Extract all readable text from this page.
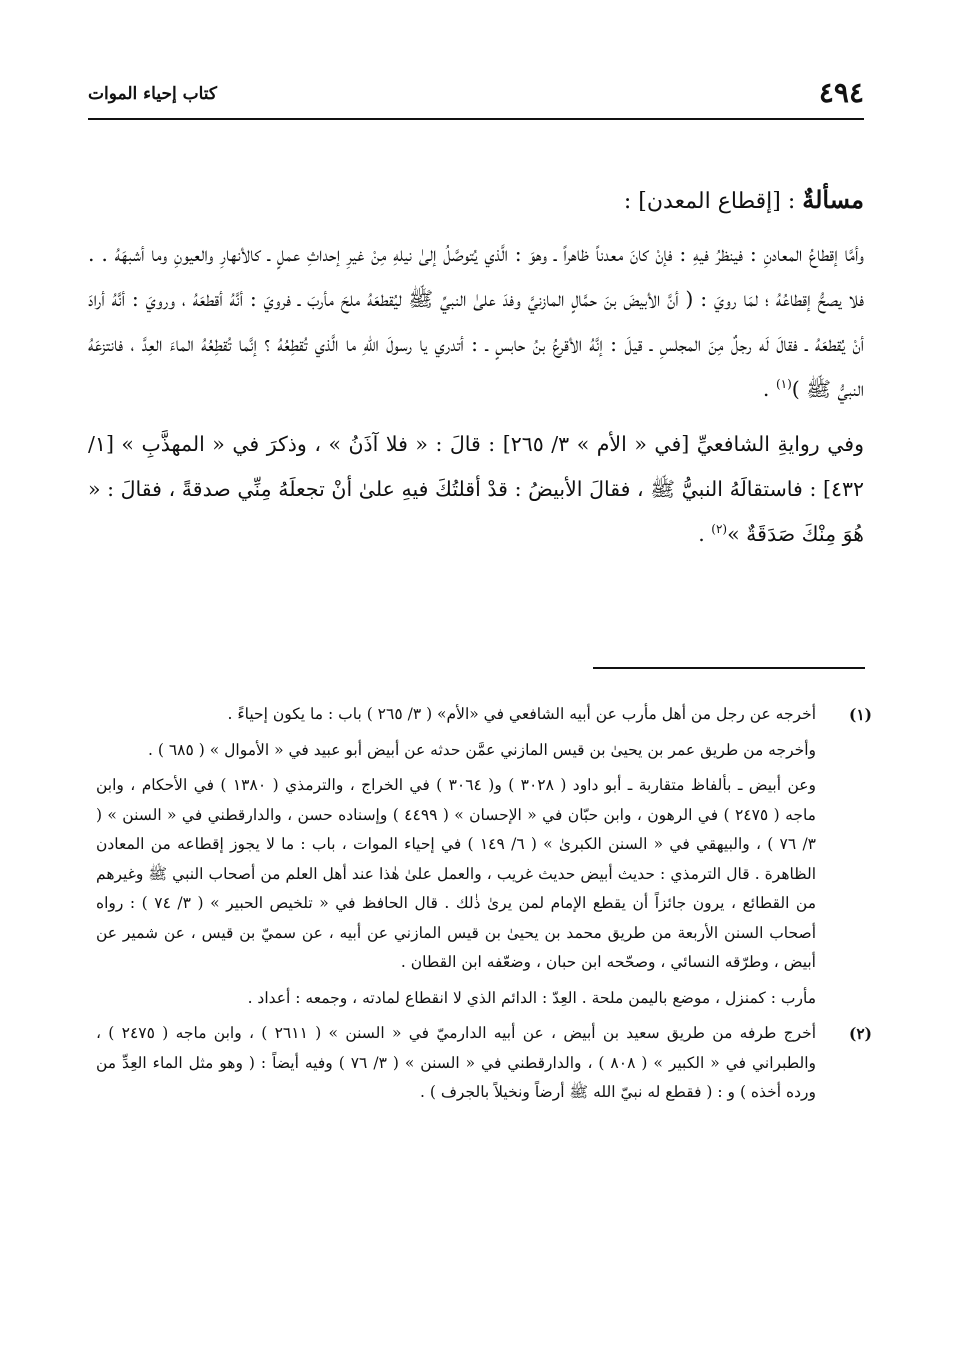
٤٩٤
كتاب إحياء الموات
مسألةٌ : [إقطاع المعدن] :

وأمَّا إقطاعُ المعادنِ : فينظرُ فيهِ : فإنْ كانَ معدناً ظاهراً ـ وهوَ : الَّذي يُتوصَّلُ إلىٰ نيلهِ مِنْ غيرِ إحداثِ عملٍ ـ كالأنهارِ والعيونِ وما أشبهَهُ . . فلا يصحُّ إقطاعُهُ ؛ لمَا رويَ : ( أنَّ الأبيضَ بنَ حمَّالٍ المازنيَّ وفدَ علىٰ النبيِّ ﷺ ليُقطعَهُ ملحَ مأربَ ـ فرويَ : أنَّهُ أقطعَهُ ، ورويَ : أنَّهُ أرادَ أنْ يُقطعَهُ ـ فقالَ لَه رجلٌ مِنَ المجلسِ ـ قيلَ : إنَّهُ الأقرعُ بنُ حابسٍ ـ : أتدري يا رسولَ اللهِ ما الَّذي تُقطِعُهُ ؟ إنَّما تُقطِعُهُ الماءَ العِدَّ ، فانتزعَهُ النبيُّ ﷺ )$^{(١)}$ .

وفي روايةِ الشافعيِّ [في « الأم » ٣/ ٢٦٥] : قالَ : « فلا آذَنُ » ، وذكرَ في « المهذَّبِ » [١/ ٤٣٢] : فاستقالَهُ النبيُّ ﷺ ، فقالَ الأبيضُ : قدْ أقلتُكَ فيهِ علىٰ أنْ تجعلَهُ مِنِّي صدقةً ، فقالَ : « هُوَ مِنْكَ صَدَقَةٌ »$^{(٢)}$ .

(١)

أخرجه عن رجل من أهل مأرب عن أبيه الشافعي في «الأم» ( ٣/ ٢٦٥ ) باب : ما يكون إحياءً .

وأخرجه من طريق عمر بن يحيىٰ بن قيس المازني عمَّن حدثه عن أبيض أبو عبيد في « الأموال » ( ٦٨٥ ) .

وعن أبيض ـ بألفاظ متقاربة ـ أبو داود ( ٣٠٢٨ ) و( ٣٠٦٤ ) في الخراج ، والترمذي ( ١٣٨٠ ) في الأحكام ، وابن ماجه ( ٢٤٧٥ ) في الرهون ، وابن حبّان في « الإحسان » ( ٤٤٩٩ ) وإسناده حسن ، والدارقطني في « السنن » ( ٣/ ٧٦ ) ، والبيهقي في « السنن الكبرىٰ » ( ٦/ ١٤٩ ) في إحياء الموات ، باب : ما لا يجوز إقطاعه من المعادن الظاهرة . قال الترمذي : حديث أبيض حديث غريب ، والعمل علىٰ هٰذا عند أهل العلم من أصحاب النبي ﷺ وغيرهم من القطائع ، يرون جائزاً أن يقطع الإمام لمن يرىٰ ذٰلك . قال الحافظ في « تلخيص الحبير » ( ٣/ ٧٤ ) : رواه أصحاب السنن الأربعة من طريق محمد بن يحيىٰ بن قيس المازني عن أبيه ، عن سميّ بن قيس ، عن شمير عن أبيض ، وطرّقه النسائي ، وصحّحه ابن حبان ، وضعّفه ابن القطان .

مأرب : كمنزل ، موضع باليمن ملحة . العِدّ : الدائم الذي لا انقطاع لمادته ، وجمعه : أعداد .

(٢)

أخرج طرفه من طريق سعيد بن أبيض ، عن أبيه الدارميّ في « السنن » ( ٢٦١١ ) ، وابن ماجه ( ٢٤٧٥ ) ، والطبراني في « الكبير » ( ٨٠٨ ) ، والدارقطني في « السنن » ( ٣/ ٧٦ ) وفيه أيضاً : ( وهو مثل الماء العِدِّ من ورده أخذه ) و : ( فقطع له نبيّ الله ﷺ أرضاً ونخيلاً بالجرف ) .
